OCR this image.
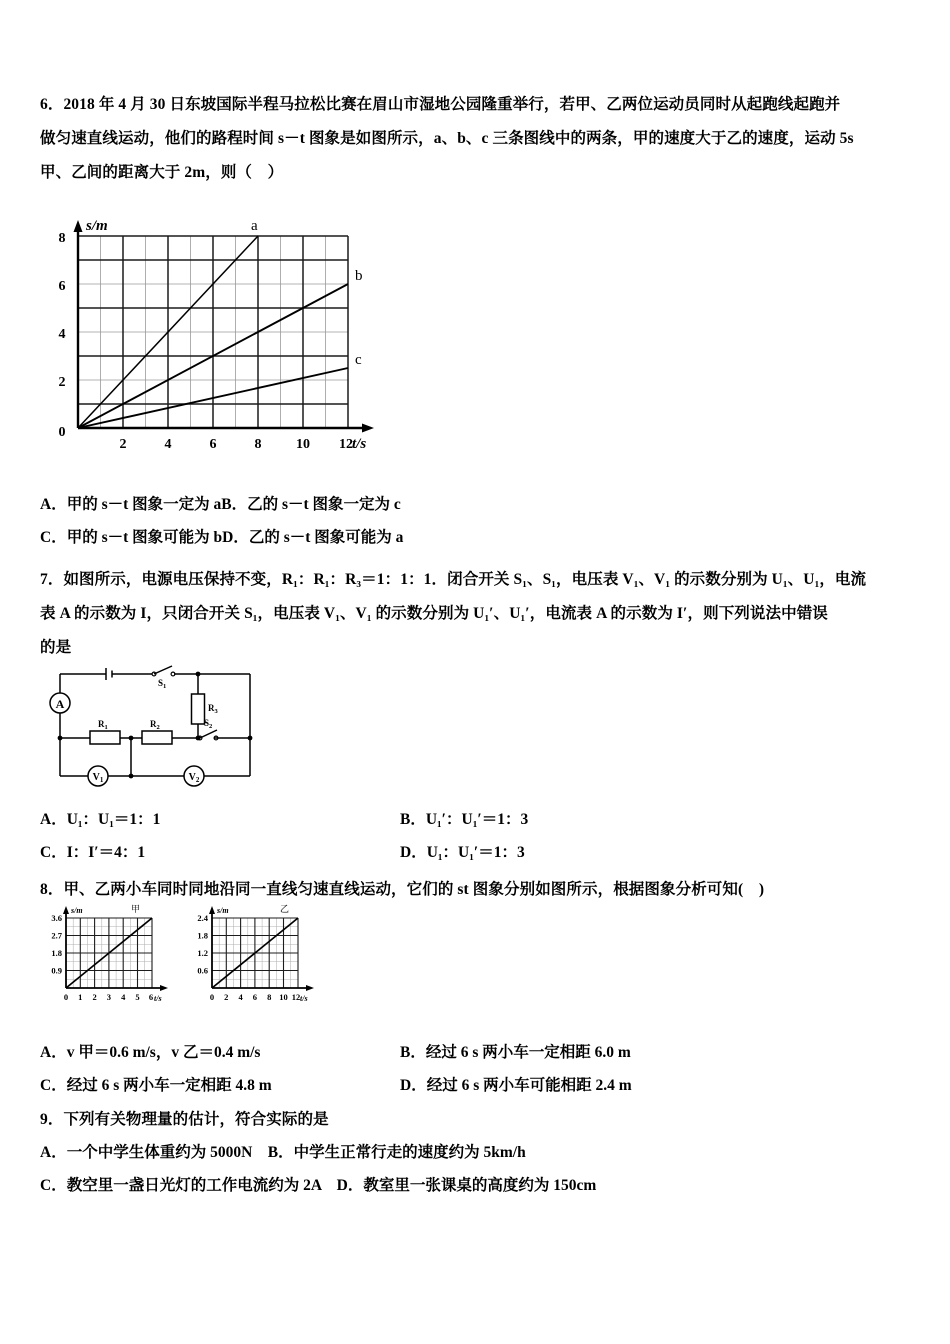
6．2018 年 4 月 30 日东坡国际半程马拉松比赛在眉山市湿地公园隆重举行，若甲、乙两位运动员同时从起跑线起跑并
做匀速直线运动，他们的路程时间 s－t 图象是如图所示，a、b、c 三条图线中的两条，甲的速度大于乙的速度，运动 5s
甲、乙间的距离大于 2m，则（　）
a
b
c
s/m
t/s
8
6
4
2
0
2	4	6	8 10 12
A．甲的 s－t 图象一定为 aB．乙的 s－t 图象一定为 c
C．甲的 s－t 图象可能为 bD．乙的 s－t 图象可能为 a
7．如图所示，电源电压保持不变，R₁：R₁：R₃＝1：1：1．闭合开关 S₁、S₁，电压表 V₁、V₁ 的示数分别为 U₁、U₁，电流
表 A 的示数为 I，只闭合开关 S₁，电压表 V₁、V₁ 的示数分别为 U₁′、U₁′，电流表 A 的示数为 I′，则下列说法中错误
的是
$S_1$
$S_2$
A
$R_1$	$R_2$
$R_3$
$V_1$	$V_2$
A．U₁：U₁＝1：1	B．U₁′：U₁′＝1：3
C．I：I′＝4：1	D．U₁：U₁′＝1：3
8．甲、乙两小车同时同地沿同一直线匀速直线运动，它们的 st 图象分别如图所示，根据图象分析可知(　)
s/m
t/s
甲
3.6
2.7
1.8
0.9
0 1 2 3 4 5 6
s/m
t/s
乙
2.4
1.8
1.2
0.6
0 2 4 6 8 10 12
A．v 甲＝0.6 m/s，v 乙＝0.4 m/s	B．经过 6 s 两小车一定相距 6.0 m
C．经过 6 s 两小车一定相距 4.8 m	D．经过 6 s 两小车可能相距 2.4 m
9．下列有关物理量的估计，符合实际的是
A．一个中学生体重约为 5000N　B．中学生正常行走的速度约为 5km/h
C．教空里一盏日光灯的工作电流约为 2A　D．教室里一张课桌的高度约为 150cm
